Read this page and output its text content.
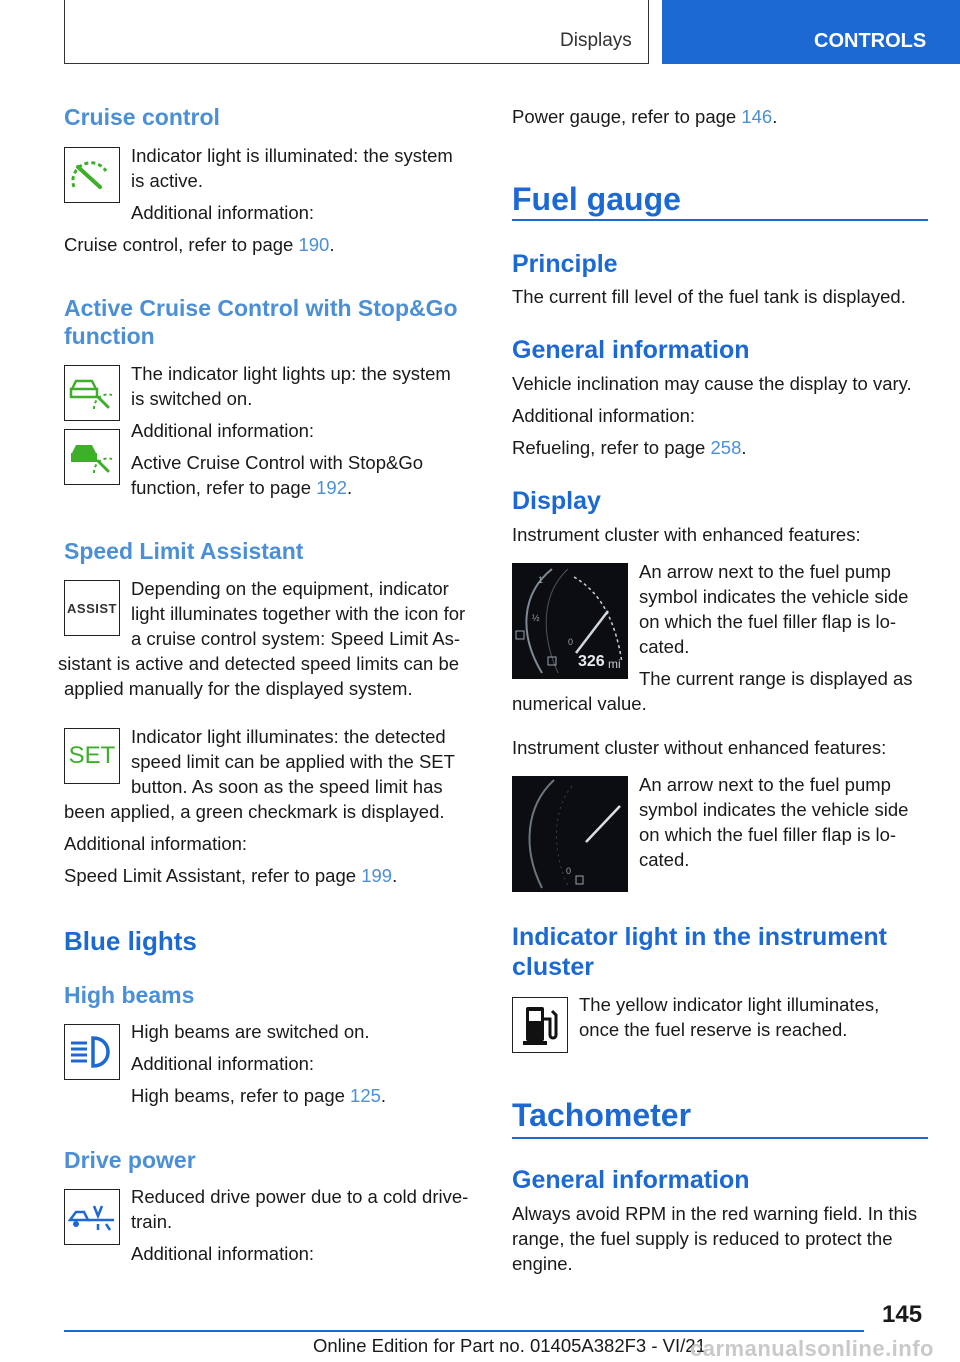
Displays	CONTROLS
Cruise control
Indicator light is illuminated: the system
is active.
Additional information:
Cruise control, refer to page 190.
Active Cruise Control with Stop&Go
function
The indicator light lights up: the system
is switched on.
Additional information:
Active Cruise Control with Stop&Go
function, refer to page 192.
Speed Limit Assistant
ASSIST
Depending on the equipment, indicator
light illuminates together with the icon for
a cruise control system: Speed Limit As-
sistant is active and detected speed limits can be
applied manually for the displayed system.
SET
Indicator light illuminates: the detected
speed limit can be applied with the SET
button. As soon as the speed limit has
been applied, a green checkmark is displayed.
Additional information:
Speed Limit Assistant, refer to page 199.
Blue lights
High beams
High beams are switched on.
Additional information:
High beams, refer to page 125.
Drive power
Reduced drive power due to a cold drive-
train.
Additional information:
Power gauge, refer to page 146.
Fuel gauge
Principle
The current fill level of the fuel tank is displayed.
General information
Vehicle inclination may cause the display to vary.
Additional information:
Refueling, refer to page 258.
Display
Instrument cluster with enhanced features:
1
½
0
326 mi
An arrow next to the fuel pump
symbol indicates the vehicle side
on which the fuel filler flap is lo-
cated.
The current range is displayed as
numerical value.
Instrument cluster without enhanced features:
0
An arrow next to the fuel pump
symbol indicates the vehicle side
on which the fuel filler flap is lo-
cated.
Indicator light in the instrument
cluster
The yellow indicator light illuminates,
once the fuel reserve is reached.
Tachometer
General information
Always avoid RPM in the red warning field. In this
range, the fuel supply is reduced to protect the
engine.
145
Online Edition for Part no. 01405A382F3 - VI/21
carmanualsonline.info
